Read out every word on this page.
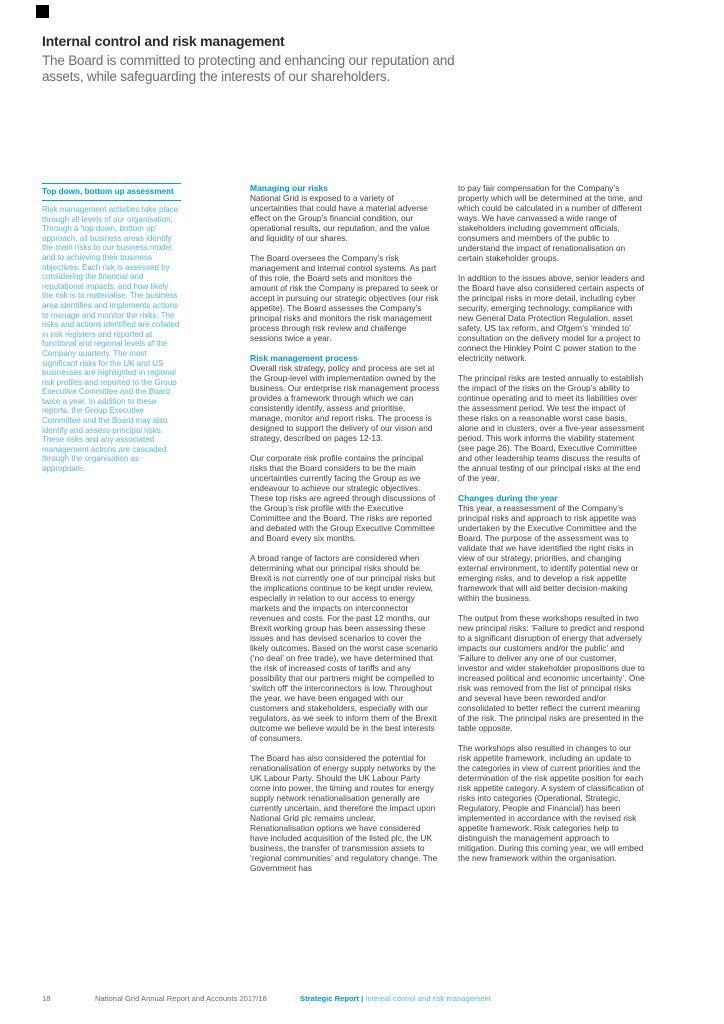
Internal control and risk management
The Board is committed to protecting and enhancing our reputation and assets, while safeguarding the interests of our shareholders.
Top down, bottom up assessment
Risk management activities take place through all levels of our organisation. Through a ‘top down, bottom up’ approach, all business areas identify the main risks to our business model and to achieving their business objectives. Each risk is assessed by considering the financial and reputational impacts, and how likely the risk is to materialise. The business area identifies and implements actions to manage and monitor the risks. The risks and actions identified are collated in risk registers and reported at functional and regional levels of the Company quarterly. The most significant risks for the UK and US businesses are highlighted in regional risk profiles and reported to the Group Executive Committee and the Board twice a year. In addition to these reports, the Group Executive Committee and the Board may also identify and assess principal risks. These risks and any associated management actions are cascaded through the organisation as appropriate.
Managing our risks
National Grid is exposed to a variety of uncertainties that could have a material adverse effect on the Group’s financial condition, our operational results, our reputation, and the value and liquidity of our shares.
The Board oversees the Company’s risk management and internal control systems. As part of this role, the Board sets and monitors the amount of risk the Company is prepared to seek or accept in pursuing our strategic objectives (our risk appetite). The Board assesses the Company’s principal risks and monitors the risk management process through risk review and challenge sessions twice a year.
Risk management process
Overall risk strategy, policy and process are set at the Group-level with implementation owned by the business. Our enterprise risk management process provides a framework through which we can consistently identify, assess and prioritise, manage, monitor and report risks. The process is designed to support the delivery of our vision and strategy, described on pages 12-13.
Our corporate risk profile contains the principal risks that the Board considers to be the main uncertainties currently facing the Group as we endeavour to achieve our strategic objectives. These top risks are agreed through discussions of the Group’s risk profile with the Executive Committee and the Board. The risks are reported and debated with the Group Executive Committee and Board every six months.
A broad range of factors are considered when determining what our principal risks should be. Brexit is not currently one of our principal risks but the implications continue to be kept under review, especially in relation to our access to energy markets and the impacts on interconnector revenues and costs. For the past 12 months, our Brexit working group has been assessing these issues and has devised scenarios to cover the likely outcomes. Based on the worst case scenario (‘no deal’ on free trade), we have determined that the risk of increased costs of tariffs and any possibility that our partners might be compelled to ‘switch off’ the interconnectors is low. Throughout the year, we have been engaged with our customers and stakeholders, especially with our regulators, as we seek to inform them of the Brexit outcome we believe would be in the best interests of consumers.
The Board has also considered the potential for renationalisation of energy supply networks by the UK Labour Party. Should the UK Labour Party come into power, the timing and routes for energy supply network renationalisation generally are currently uncertain, and therefore the impact upon National Grid plc remains unclear. Renationalisation options we have considered have included acquisition of the listed plc, the UK business, the transfer of transmission assets to ‘regional communities’ and regulatory change. The Government has
to pay fair compensation for the Company’s property which will be determined at the time, and which could be calculated in a number of different ways. We have canvassed a wide range of stakeholders including government officials, consumers and members of the public to understand the impact of renationalisation on certain stakeholder groups.
In addition to the issues above, senior leaders and the Board have also considered certain aspects of the principal risks in more detail, including cyber security, emerging technology, compliance with new General Data Protection Regulation, asset safety, US tax reform, and Ofgem’s ‘minded to’ consultation on the delivery model for a project to connect the Hinkley Point C power station to the electricity network.
The principal risks are tested annually to establish the impact of the risks on the Group’s ability to continue operating and to meet its liabilities over the assessment period. We test the impact of these risks on a reasonable worst case basis, alone and in clusters, over a five-year assessment period. This work informs the viability statement (see page 26). The Board, Executive Committee and other leadership teams discuss the results of the annual testing of our principal risks at the end of the year.
Changes during the year
This year, a reassessment of the Company’s principal risks and approach to risk appetite was undertaken by the Executive Committee and the Board. The purpose of the assessment was to validate that we have identified the right risks in view of our strategy, priorities, and changing external environment, to identify potential new or emerging risks, and to develop a risk appetite framework that will aid better decision-making within the business.
The output from these workshops resulted in two new principal risks: ‘Failure to predict and respond to a significant disruption of energy that adversely impacts our customers and/or the public’ and ‘Failure to deliver any one of our customer, investor and wider stakeholder propositions due to increased political and economic uncertainty’. One risk was removed from the list of principal risks and several have been reworded and/or consolidated to better reflect the current meaning of the risk. The principal risks are presented in the table opposite.
The workshops also resulted in changes to our risk appetite framework, including an update to the categories in view of current priorities and the determination of the risk appetite position for each risk appetite category. A system of classification of risks into categories (Operational, Strategic, Regulatory, People and Financial) has been implemented in accordance with the revised risk appetite framework. Risk categories help to distinguish the management approach to mitigation. During this coming year, we will embed the new framework within the organisation.
18	National Grid Annual Report and Accounts 2017/18	Strategic Report | Internal control and risk management
